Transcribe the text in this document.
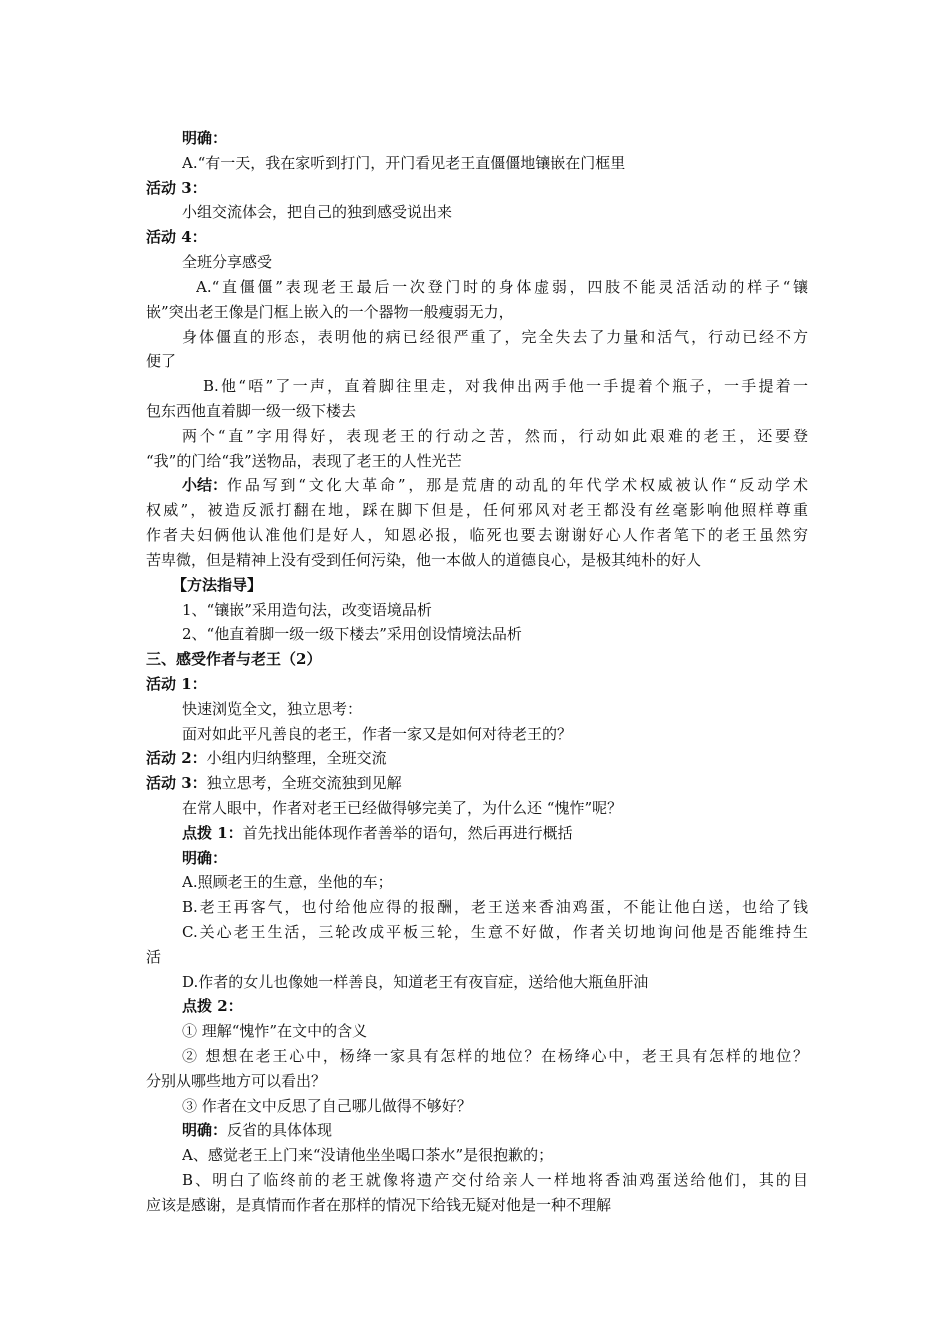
明确：
A.“有一天，我在家听到打门，开门看见老王直僵僵地镶嵌在门框里
活动 3：
小组交流体会，把自己的独到感受说出来
活动 4：
全班分享感受
A.“直僵僵”表现老王最后一次登门时的身体虚弱，四肢不能灵活活动的样子“镶
嵌”突出老王像是门框上嵌入的一个器物一般瘦弱无力，
身体僵直的形态，表明他的病已经很严重了，完全失去了力量和活气，行动已经不方
便了
B.他“唔”了一声，直着脚往里走，对我伸出两手他一手提着个瓶子，一手提着一
包东西他直着脚一级一级下楼去
两个“直”字用得好，表现老王的行动之苦，然而，行动如此艰难的老王，还要登
“我”的门给“我”送物品，表现了老王的人性光芒
小结： 作品写到“文化大革命”，那是荒唐的动乱的年代学术权威被认作“反动学术
权威”，被造反派打翻在地，踩在脚下但是，任何邪风对老王都没有丝毫影响他照样尊重
作者夫妇俩他认准他们是好人，知恩必报，临死也要去谢谢好心人作者笔下的老王虽然穷
苦卑微，但是精神上没有受到任何污染，他一本做人的道德良心，是极其纯朴的好人
【方法指导】
1、“镶嵌”采用造句法，改变语境品析
2、“他直着脚一级一级下楼去”采用创设情境法品析
三、感受作者与老王（2）
活动 1：
快速浏览全文，独立思考：
面对如此平凡善良的老王，作者一家又是如何对待老王的？
活动 2：小组内归纳整理，全班交流
活动 3：独立思考，全班交流独到见解
在常人眼中，作者对老王已经做得够完美了，为什么还 “愧怍”呢？
点拨 1：首先找出能体现作者善举的语句，然后再进行概括
明确：
A.照顾老王的生意，坐他的车；
B.老王再客气，也付给他应得的报酬，老王送来香油鸡蛋，不能让他白送，也给了钱
C.关心老王生活，三轮改成平板三轮，生意不好做，作者关切地询问他是否能维持生
活
D.作者的女儿也像她一样善良，知道老王有夜盲症，送给他大瓶鱼肝油
点拨 2：
① 理解“愧怍”在文中的含义
② 想想在老王心中，杨绛一家具有怎样的地位？在杨绛心中，老王具有怎样的地位？
分别从哪些地方可以看出？
③ 作者在文中反思了自己哪儿做得不够好？
明确：反省的具体体现
A、感觉老王上门来“没请他坐坐喝口茶水”是很抱歉的；
B、明白了临终前的老王就像将遗产交付给亲人一样地将香油鸡蛋送给他们，其的目
应该是感谢，是真情而作者在那样的情况下给钱无疑对他是一种不理解
